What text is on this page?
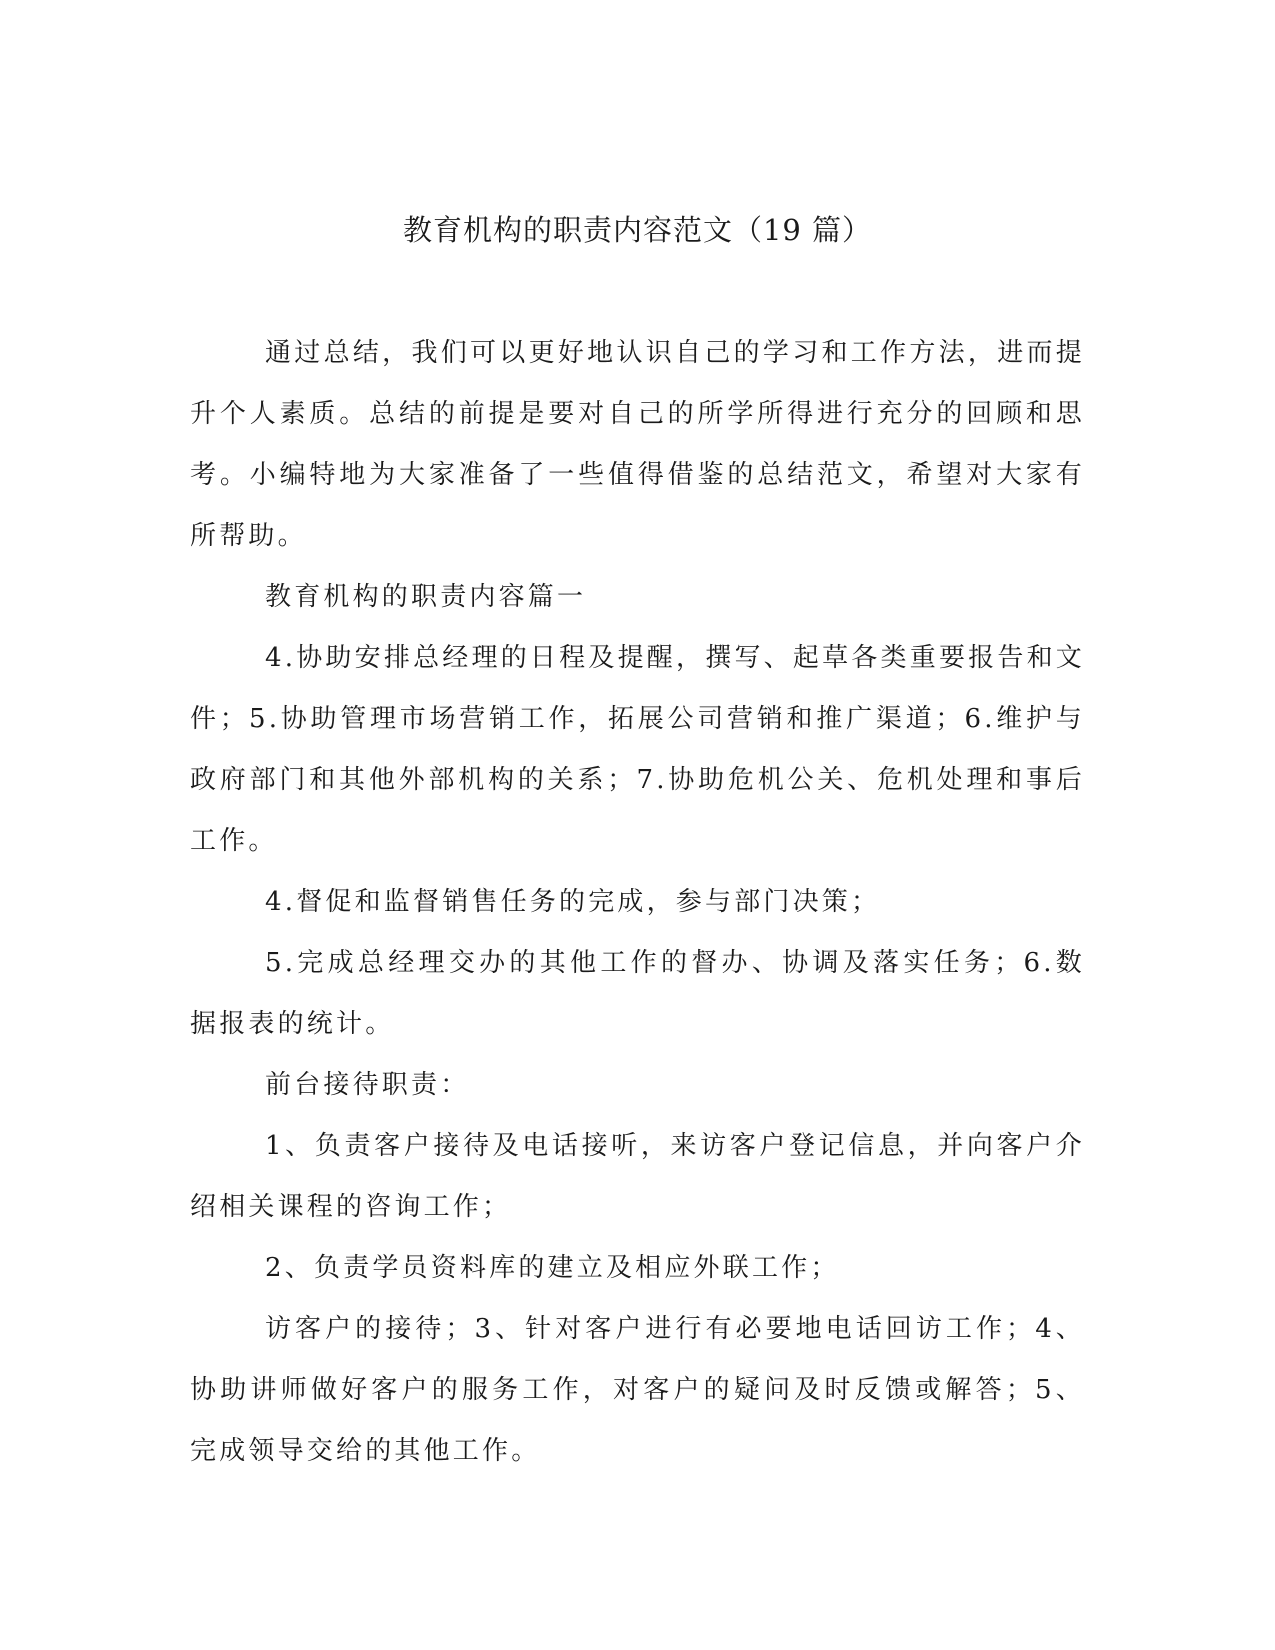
教育机构的职责内容范文（19 篇）

通过总结，我们可以更好地认识自己的学习和工作方法，进而提升个人素质。总结的前提是要对自己的所学所得进行充分的回顾和思考。小编特地为大家准备了一些值得借鉴的总结范文，希望对大家有所帮助。

教育机构的职责内容篇一

4.协助安排总经理的日程及提醒，撰写、起草各类重要报告和文件；5.协助管理市场营销工作，拓展公司营销和推广渠道；6.维护与政府部门和其他外部机构的关系；7.协助危机公关、危机处理和事后工作。

4.督促和监督销售任务的完成，参与部门决策；

5.完成总经理交办的其他工作的督办、协调及落实任务；6.数据报表的统计。

前台接待职责：

1、负责客户接待及电话接听，来访客户登记信息，并向客户介绍相关课程的咨询工作；

2、负责学员资料库的建立及相应外联工作；

访客户的接待；3、针对客户进行有必要地电话回访工作；4、协助讲师做好客户的服务工作，对客户的疑问及时反馈或解答；5、完成领导交给的其他工作。
